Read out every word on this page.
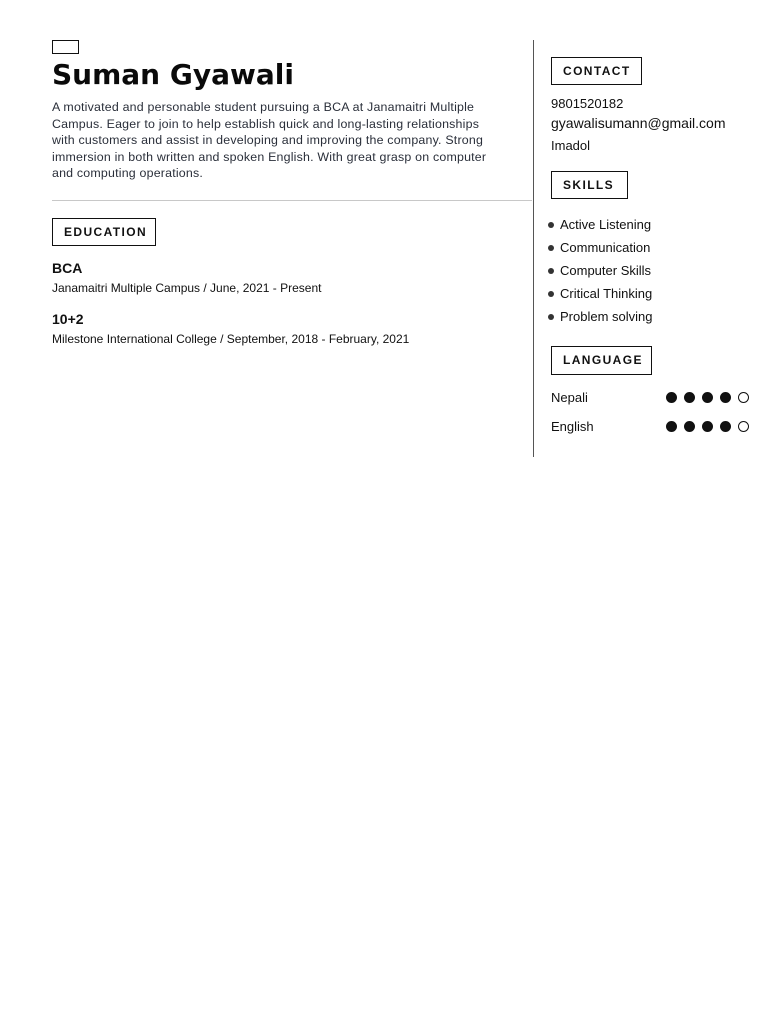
Suman Gyawali
A motivated and personable student pursuing a BCA at Janamaitri Multiple Campus. Eager to join to help establish quick and long-lasting relationships with customers and assist in developing and improving the company. Strong immersion in both written and spoken English. With great grasp on computer and computing operations.
EDUCATION
BCA
Janamaitri Multiple Campus / June, 2021 - Present
10+2
Milestone International College / September, 2018 - February, 2021
CONTACT
9801520182
gyawalisumann@gmail.com
Imadol
SKILLS
Active Listening
Communication
Computer Skills
Critical Thinking
Problem solving
LANGUAGE
Nepali
English
